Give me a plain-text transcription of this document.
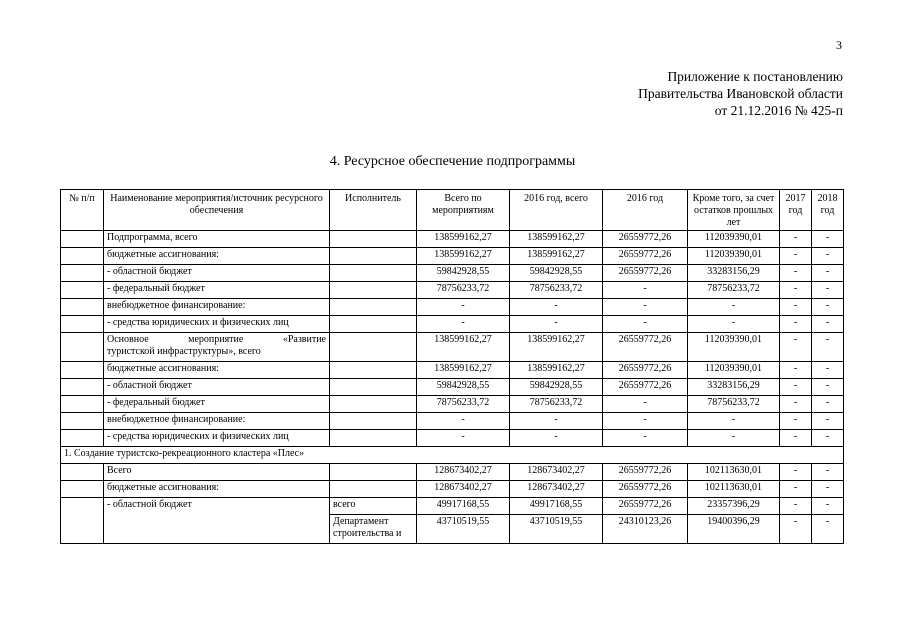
3
Приложение к постановлению
Правительства Ивановской области
от 21.12.2016 № 425-п
4. Ресурсное обеспечение подпрограммы
№ п/п	Наименование мероприятия/источник ресурсного обеспечения	Исполнитель	Всего по мероприятиям	2016 год, всего	2016 год	Кроме того, за счет остатков прошлых лет	2017 год	2018 год
	Подпрограмма, всего		138599162,27	138599162,27	26559772,26	112039390,01	-	-
	бюджетные ассигнования:		138599162,27	138599162,27	26559772,26	112039390,01	-	-
	- областной бюджет		59842928,55	59842928,55	26559772,26	33283156,29	-	-
	- федеральный бюджет		78756233,72	78756233,72	-	78756233,72	-	-
	внебюджетное финансирование:		-	-	-	-	-	-
	- средства юридических и физических лиц		-	-	-	-	-	-

	Основное мероприятие «Развитие
туристской инфраструктуры», всего		138599162,27	138599162,27	26559772,26	112039390,01	-	-
	бюджетные ассигнования:		138599162,27	138599162,27	26559772,26	112039390,01	-	-
	- областной бюджет		59842928,55	59842928,55	26559772,26	33283156,29	-	-
	- федеральный бюджет		78756233,72	78756233,72	-	78756233,72	-	-
	внебюджетное финансирование:		-	-	-	-	-	-
	- средства юридических и физических лиц		-	-	-	-	-	-
1. Создание туристско-рекреационного кластера «Плес»								
	Всего		128673402,27	128673402,27	26559772,26	102113630,01	-	-
	бюджетные ассигнования:		128673402,27	128673402,27	26559772,26	102113630,01	-	-
	- областной бюджет	всего	49917168,55	49917168,55	26559772,26	23357396,29	-	-
		Департамент строительства и	43710519,55	43710519,55	24310123,26	19400396,29	-	-
